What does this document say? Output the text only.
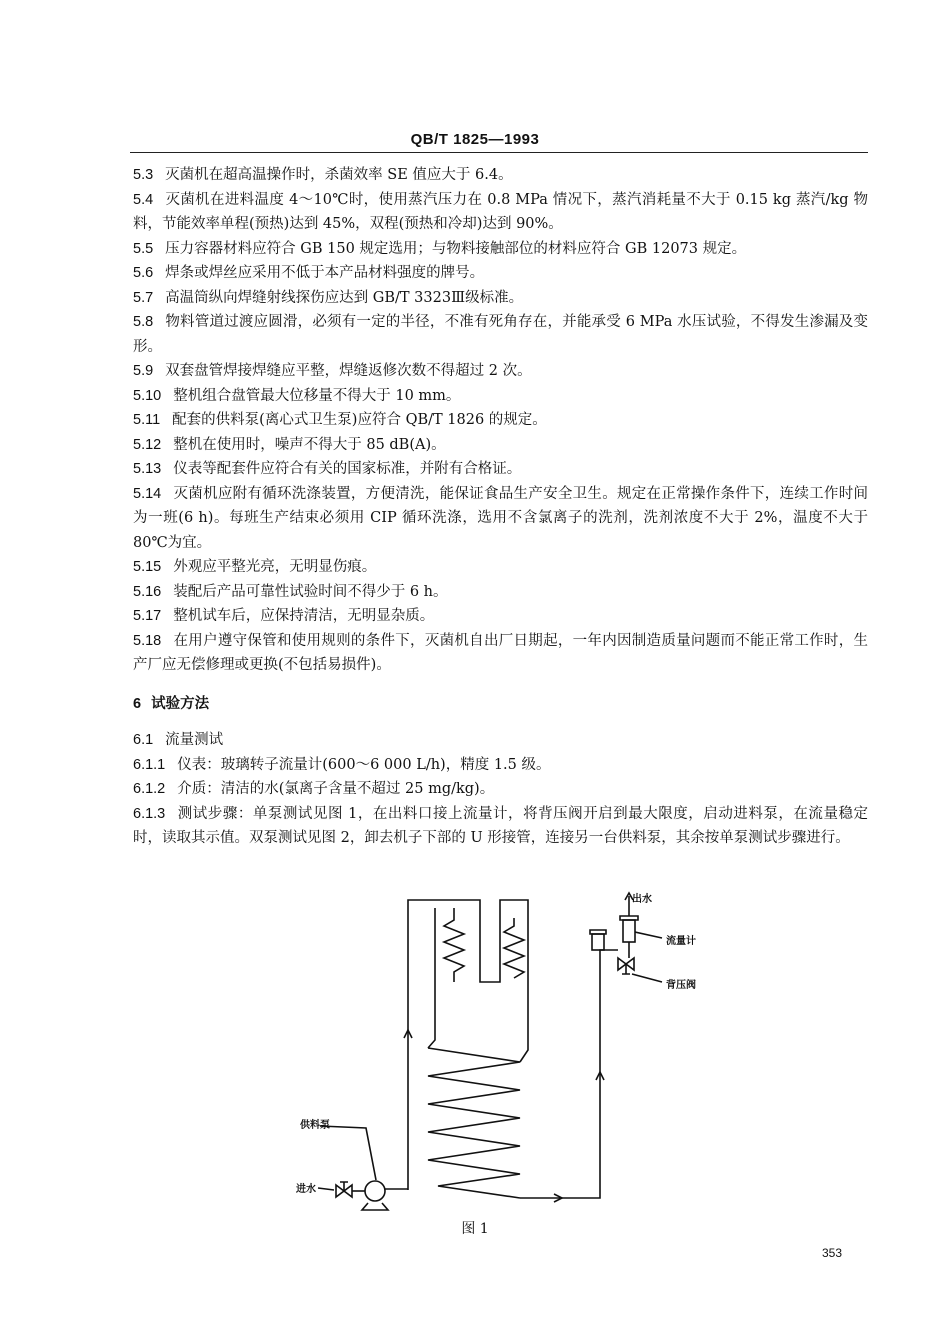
QB/T 1825—1993

5.3 灭菌机在超高温操作时，杀菌效率 SE 值应大于 6.4。

5.4 灭菌机在进料温度 4～10℃时，使用蒸汽压力在 0.8 MPa 情况下，蒸汽消耗量不大于 0.15 kg 蒸汽/kg 物料，节能效率单程(预热)达到 45%，双程(预热和冷却)达到 90%。

5.5 压力容器材料应符合 GB 150 规定选用；与物料接触部位的材料应符合 GB 12073 规定。

5.6 焊条或焊丝应采用不低于本产品材料强度的牌号。

5.7 高温筒纵向焊缝射线探伤应达到 GB/T 3323Ⅲ级标准。

5.8 物料管道过渡应圆滑，必须有一定的半径，不准有死角存在，并能承受 6 MPa 水压试验，不得发生渗漏及变形。

5.9 双套盘管焊接焊缝应平整，焊缝返修次数不得超过 2 次。

5.10 整机组合盘管最大位移量不得大于 10 mm。

5.11 配套的供料泵(离心式卫生泵)应符合 QB/T 1826 的规定。

5.12 整机在使用时，噪声不得大于 85 dB(A)。

5.13 仪表等配套件应符合有关的国家标准，并附有合格证。

5.14 灭菌机应附有循环洗涤装置，方便清洗，能保证食品生产安全卫生。规定在正常操作条件下，连续工作时间为一班(6 h)。每班生产结束必须用 CIP 循环洗涤，选用不含氯离子的洗剂，洗剂浓度不大于 2%，温度不大于 80℃为宜。

5.15 外观应平整光亮，无明显伤痕。

5.16 装配后产品可靠性试验时间不得少于 6 h。

5.17 整机试车后，应保持清洁，无明显杂质。

5.18 在用户遵守保管和使用规则的条件下，灭菌机自出厂日期起，一年内因制造质量问题而不能正常工作时，生产厂应无偿修理或更换(不包括易损件)。

6 试验方法

6.1 流量测试

6.1.1 仪表：玻璃转子流量计(600～6 000 L/h)，精度 1.5 级。

6.1.2 介质：清洁的水(氯离子含量不超过 25 mg/kg)。

6.1.3 测试步骤：单泵测试见图 1，在出料口接上流量计，将背压阀开启到最大限度，启动进料泵，在流量稳定时，读取其示值。双泵测试见图 2，卸去机子下部的 U 形接管，连接另一台供料泵，其余按单泵测试步骤进行。

出水
流量计
背压阀
供料泵
进水
图 1
353
